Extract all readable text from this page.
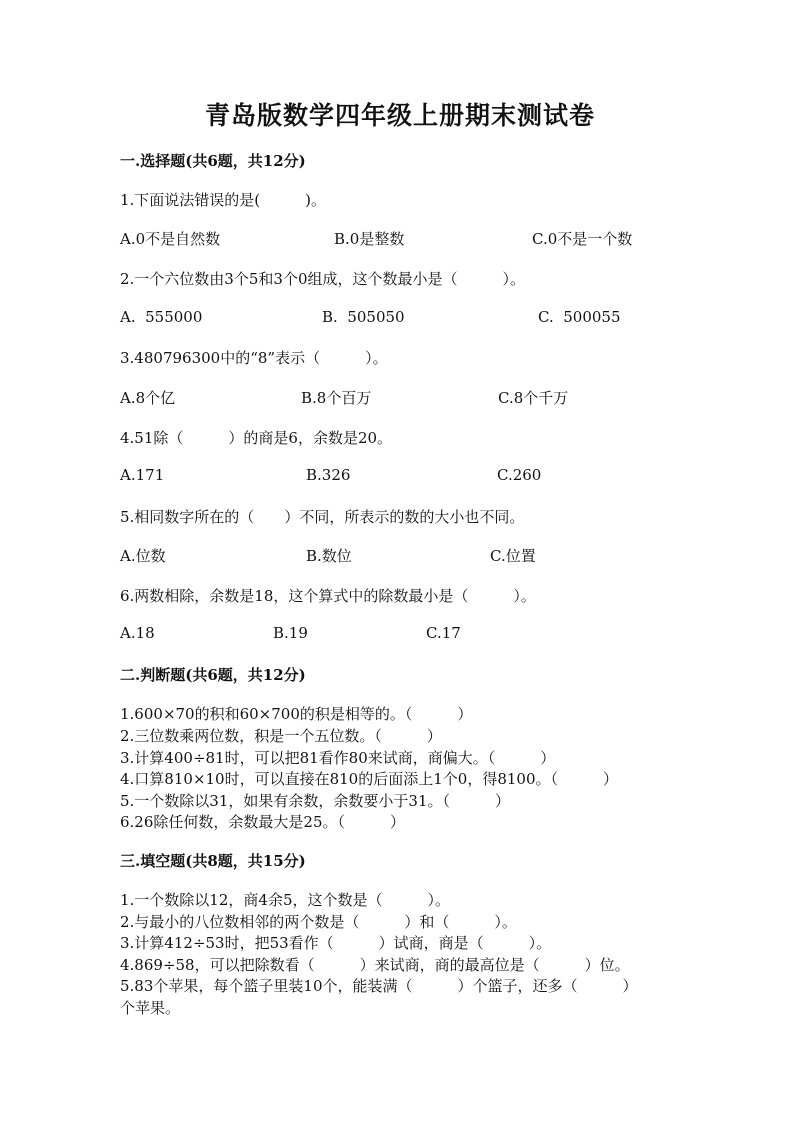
青岛版数学四年级上册期末测试卷
一.选择题(共6题，共12分)
1.下面说法错误的是(　　　)。
A.0不是自然数	B.0是整数	C.0不是一个数
2.一个六位数由3个5和3个0组成，这个数最小是（　　　）。
A.  555000	B.  505050	C.  500055
3.480796300中的“8”表示（　　　）。
A.8个亿	B.8个百万	C.8个千万
4.51除（　　　）的商是6，余数是20。
A.171	B.326	C.260
5.相同数字所在的（　　）不同，所表示的数的大小也不同。
A.位数	B.数位	C.位置
6.两数相除，余数是18，这个算式中的除数最小是（　　　）。
A.18	B.19	C.17
二.判断题(共6题，共12分)
1.600×70的积和60×700的积是相等的。（　　　）
2.三位数乘两位数，积是一个五位数。（　　　）
3.计算400÷81时，可以把81看作80来试商，商偏大。（　　　）
4.口算810×10时，可以直接在810的后面添上1个0，得8100。（　　　）
5.一个数除以31，如果有余数，余数要小于31。（　　　）
6.26除任何数，余数最大是25。（　　　）
三.填空题(共8题，共15分)
1.一个数除以12，商4余5，这个数是（　　　）。
2.与最小的八位数相邻的两个数是（　　　）和（　　　）。
3.计算412÷53时，把53看作（　　　）试商，商是（　　　）。
4.869÷58，可以把除数看（　　　）来试商，商的最高位是（　　　）位。
5.83个苹果，每个篮子里装10个，能装满（　　　）个篮子，还多（　　　）
个苹果。
